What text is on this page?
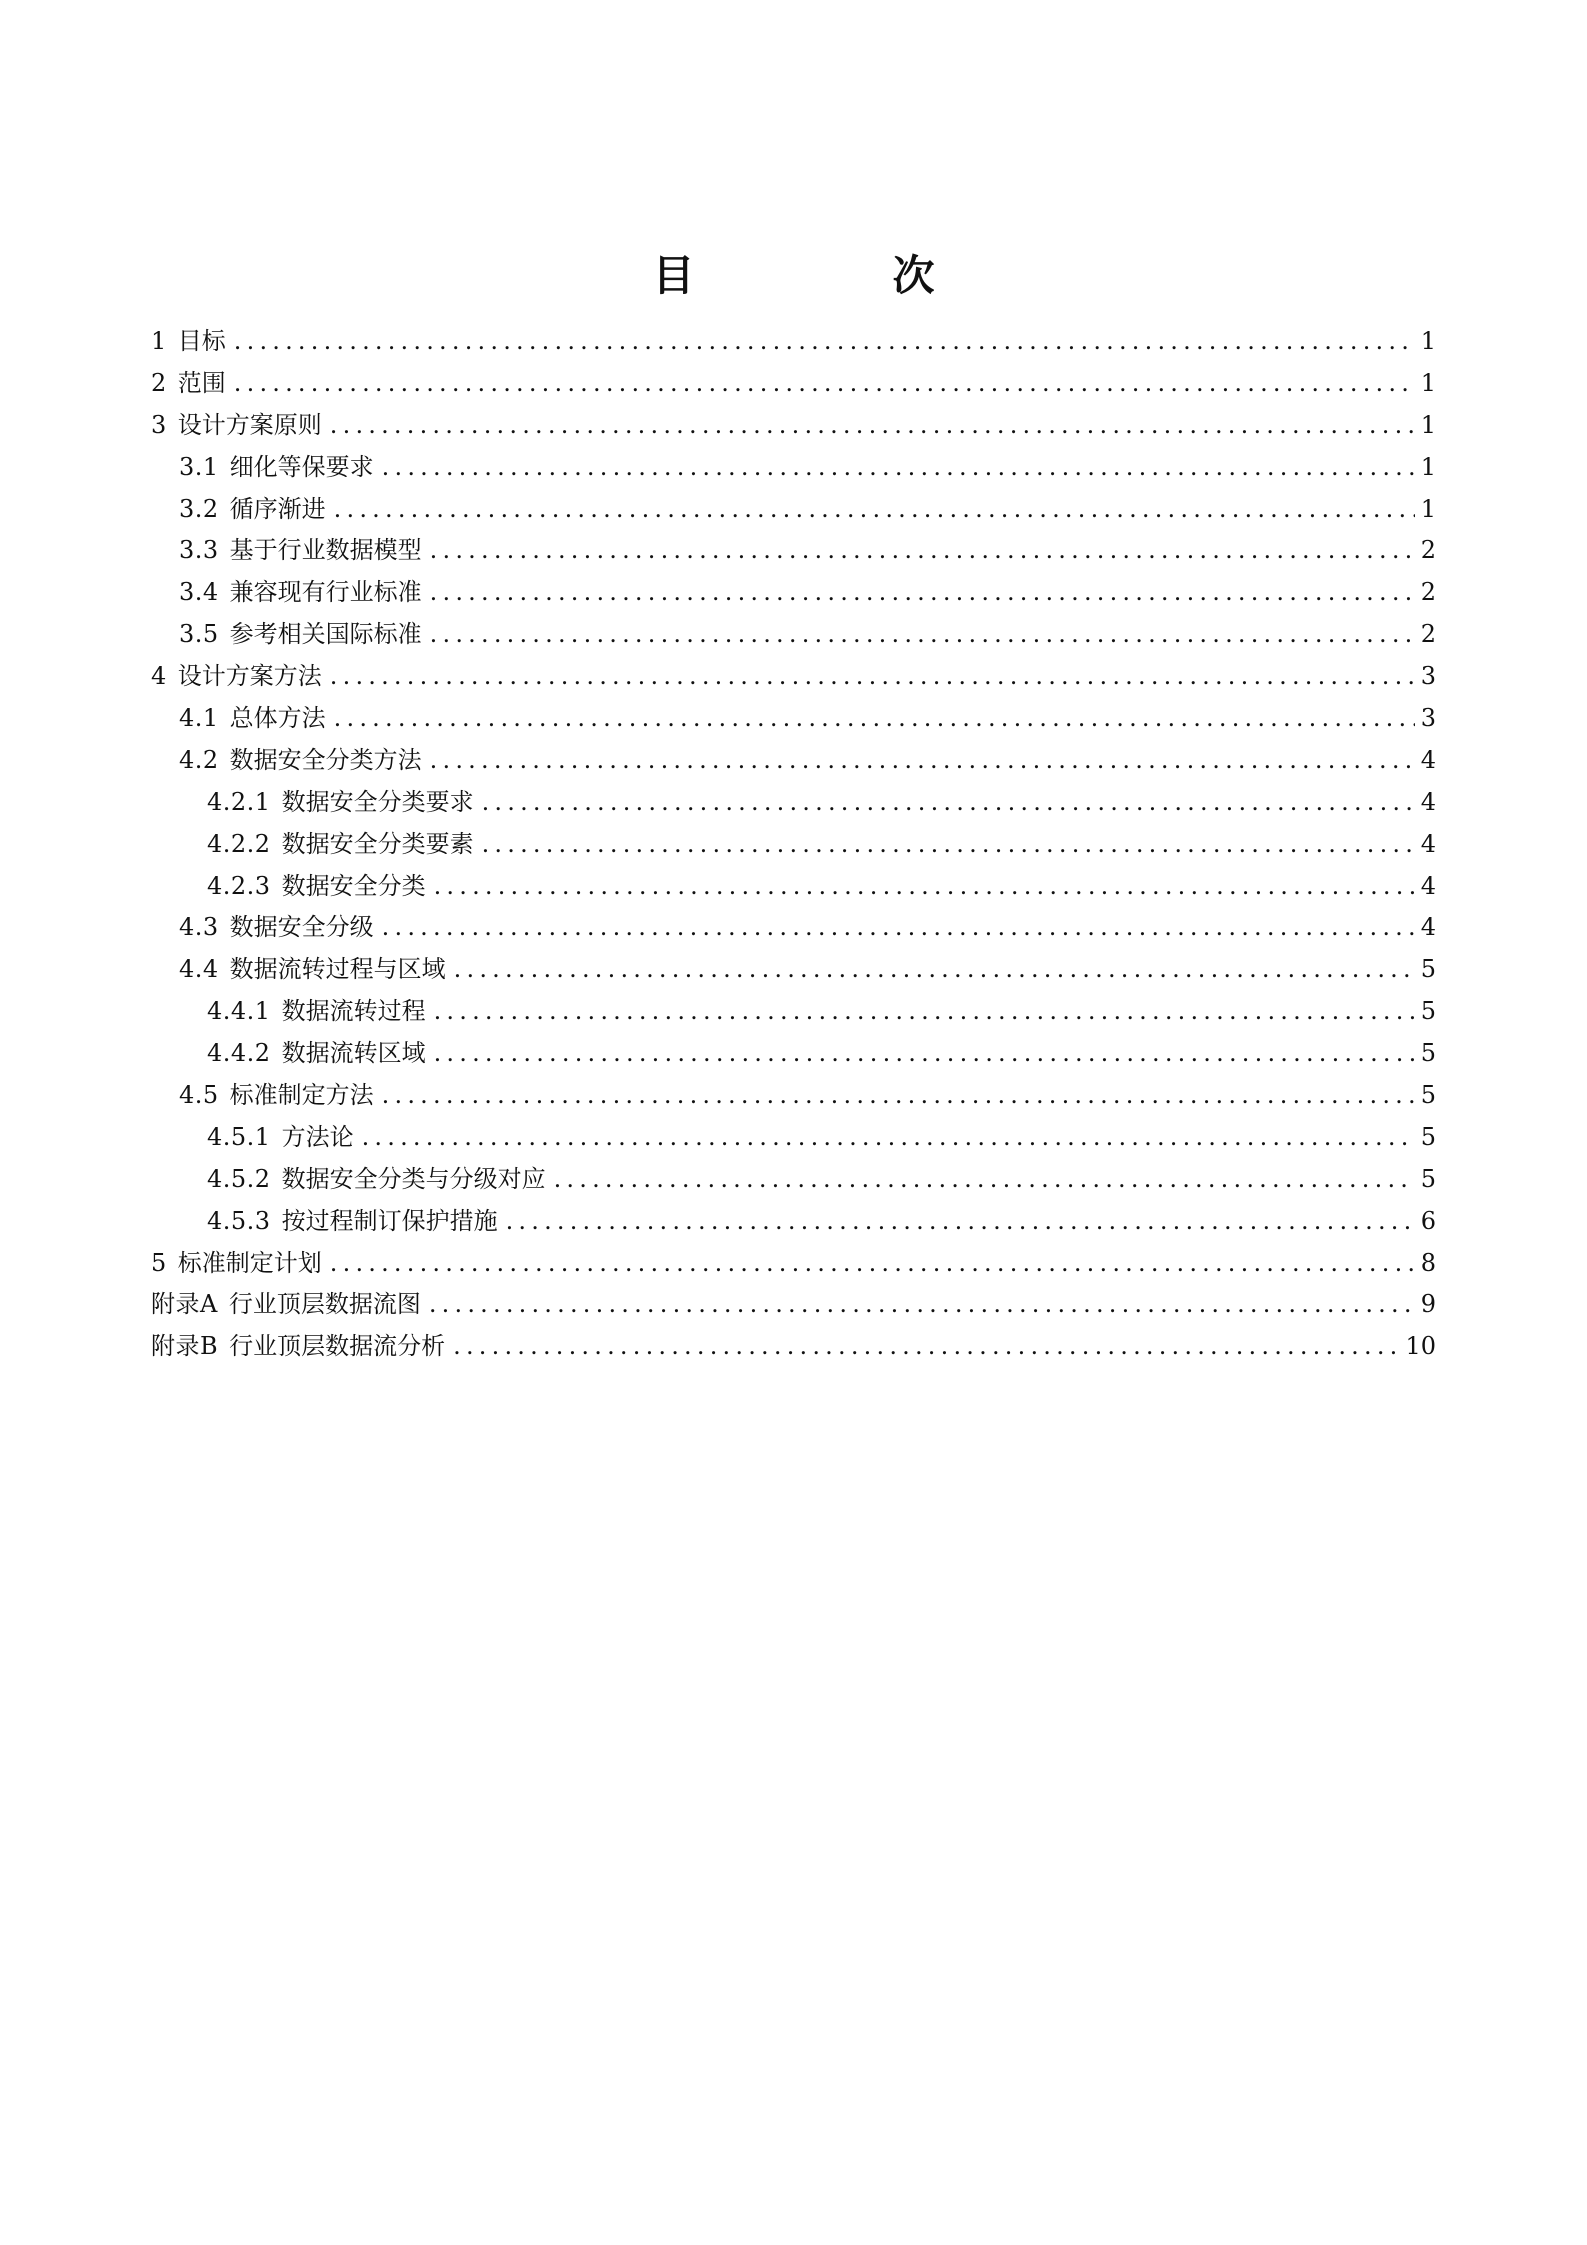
目　次
1 目标 .....	1
2 范围 .....	1
3 设计方案原则 .....	1
3.1 细化等保要求 .....	1
3.2 循序渐进 .....	1
3.3 基于行业数据模型 .....	2
3.4 兼容现有行业标准 .....	2
3.5 参考相关国际标准 .....	2
4 设计方案方法 .....	3
4.1 总体方法 .....	3
4.2 数据安全分类方法 .....	4
4.2.1 数据安全分类要求 .....	4
4.2.2 数据安全分类要素 .....	4
4.2.3 数据安全分类 .....	4
4.3 数据安全分级 .....	4
4.4 数据流转过程与区域 .....	5
4.4.1 数据流转过程 .....	5
4.4.2 数据流转区域 .....	5
4.5 标准制定方法 .....	5
4.5.1 方法论 .....	5
4.5.2 数据安全分类与分级对应 .....	5
4.5.3 按过程制订保护措施 .....	6
5 标准制定计划 .....	8
附录A 行业顶层数据流图 .....	9
附录B 行业顶层数据流分析 .....	10
